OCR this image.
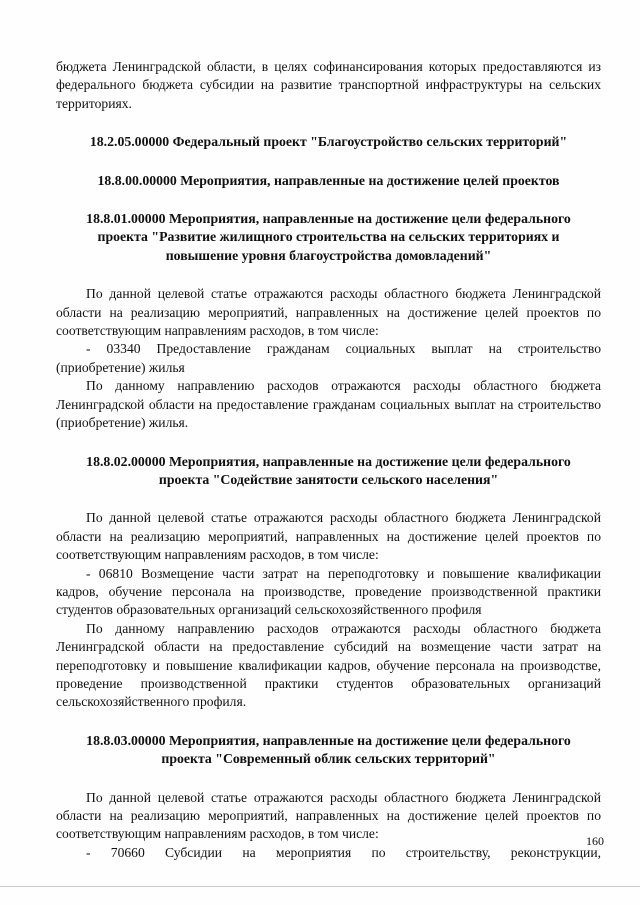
бюджета Ленинградской области, в целях софинансирования которых предоставляются из федерального бюджета субсидии на развитие транспортной инфраструктуры на сельских территориях.

18.2.05.00000 Федеральный проект "Благоустройство сельских территорий"
18.8.00.00000 Мероприятия, направленные на достижение целей проектов
18.8.01.00000 Мероприятия, направленные на достижение цели федерального проекта "Развитие жилищного строительства на сельских территориях и повышение уровня благоустройства домовладений"

По данной целевой статье отражаются расходы областного бюджета Ленинградской области на реализацию мероприятий, направленных на достижение целей проектов по соответствующим направлениям расходов, в том числе:

- 03340 Предоставление гражданам социальных выплат на строительство (приобретение) жилья

По данному направлению расходов отражаются расходы областного бюджета Ленинградской области на предоставление гражданам социальных выплат на строительство (приобретение) жилья.

18.8.02.00000 Мероприятия, направленные на достижение цели федерального проекта "Содействие занятости сельского населения"

По данной целевой статье отражаются расходы областного бюджета Ленинградской области на реализацию мероприятий, направленных на достижение целей проектов по соответствующим направлениям расходов, в том числе:

- 06810 Возмещение части затрат на переподготовку и повышение квалификации кадров, обучение персонала на производстве, проведение производственной практики студентов образовательных организаций сельскохозяйственного профиля

По данному направлению расходов отражаются расходы областного бюджета Ленинградской области на предоставление субсидий на возмещение части затрат на переподготовку и повышение квалификации кадров, обучение персонала на производстве, проведение производственной практики студентов образовательных организаций сельскохозяйственного профиля.

18.8.03.00000 Мероприятия, направленные на достижение цели федерального проекта "Современный облик сельских территорий"

По данной целевой статье отражаются расходы областного бюджета Ленинградской области на реализацию мероприятий, направленных на достижение целей проектов по соответствующим направлениям расходов, в том числе:

- 70660 Субсидии на мероприятия по строительству, реконструкции,

160
